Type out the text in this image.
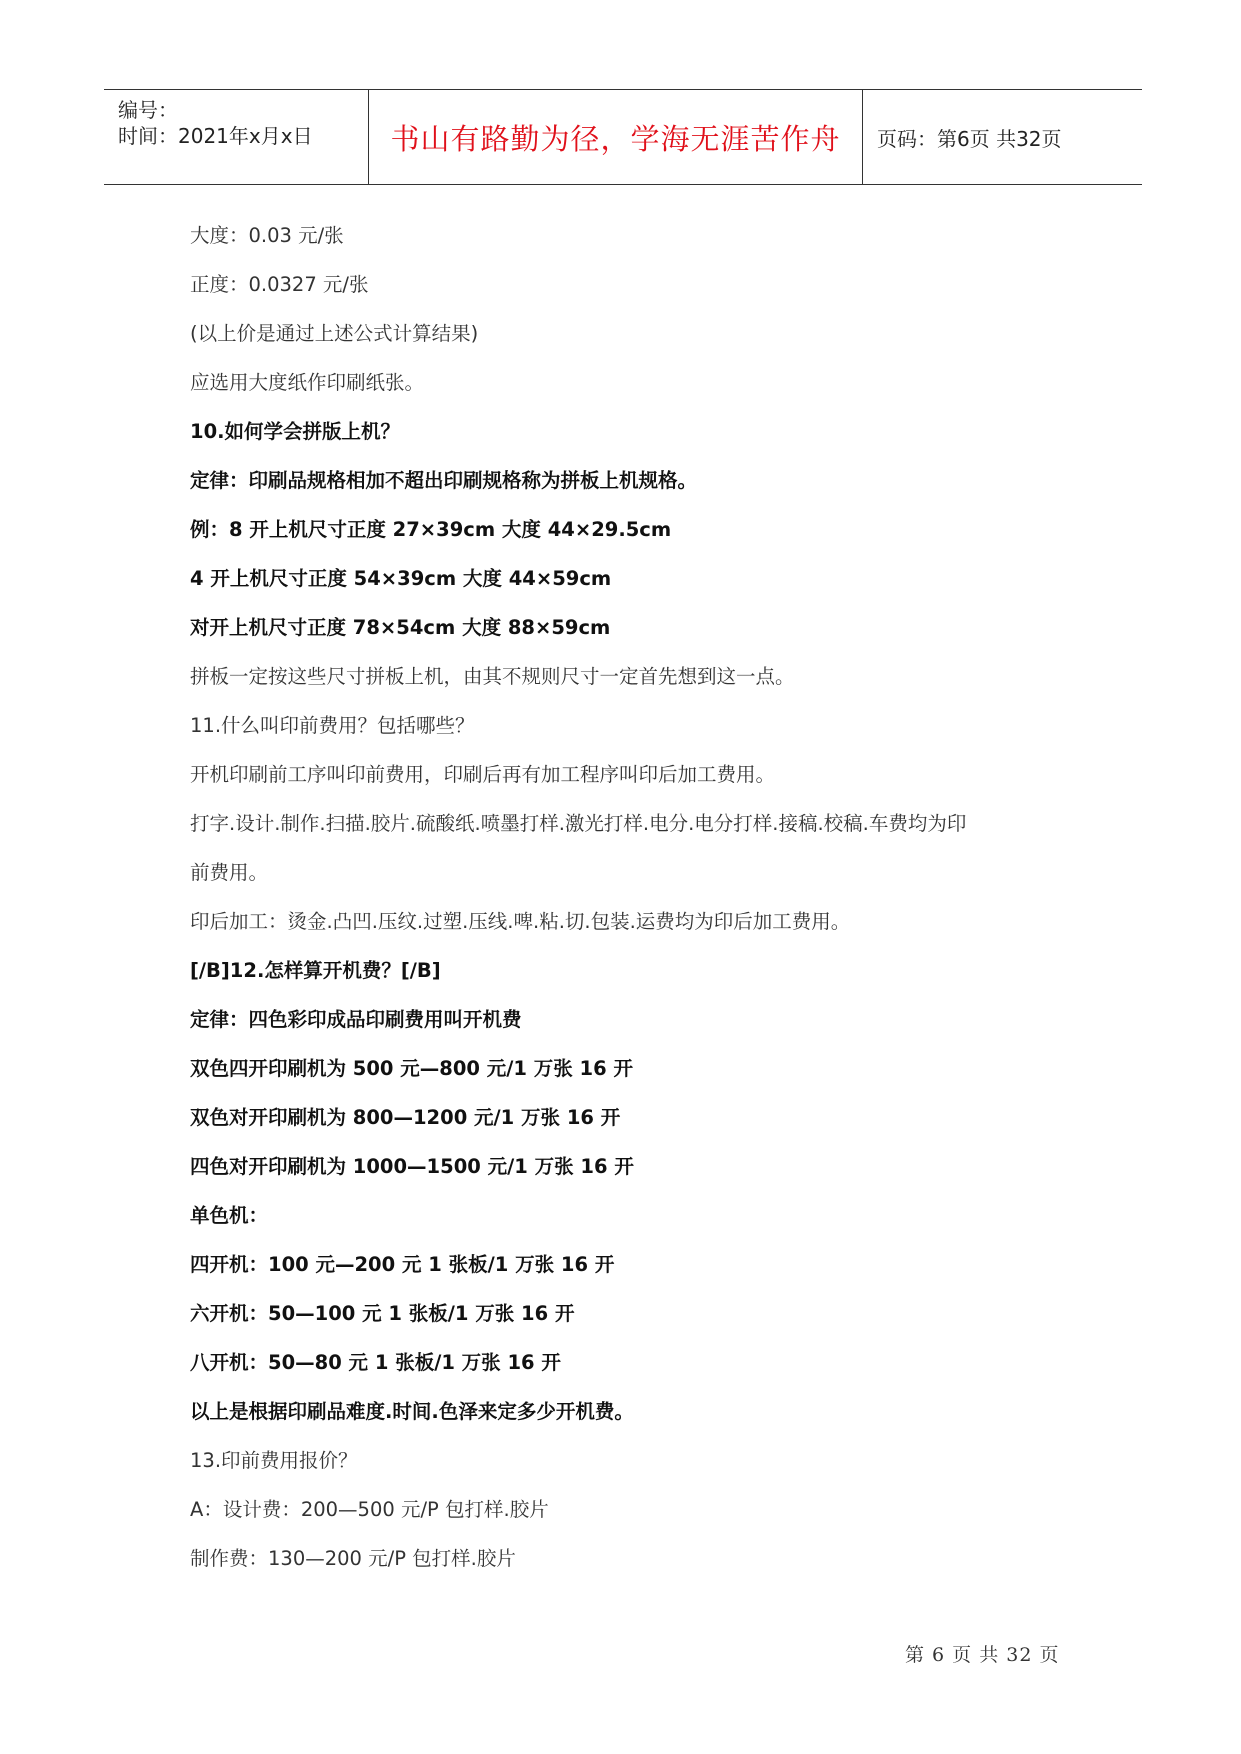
编号：
时间：2021年x月x日	书山有路勤为径，学海无涯苦作舟 页码：第6页 共32页
大度：0.03 元/张
正度：0.0327 元/张
(以上价是通过上述公式计算结果)
应选用大度纸作印刷纸张。
10.如何学会拼版上机？
定律：印刷品规格相加不超出印刷规格称为拼板上机规格。
例：8 开上机尺寸正度 27×39cm 大度 44×29.5cm
4 开上机尺寸正度 54×39cm 大度 44×59cm
对开上机尺寸正度 78×54cm 大度 88×59cm
拼板一定按这些尺寸拼板上机，由其不规则尺寸一定首先想到这一点。
11.什么叫印前费用？包括哪些？
开机印刷前工序叫印前费用，印刷后再有加工程序叫印后加工费用。
打字.设计.制作.扫描.胶片.硫酸纸.喷墨打样.激光打样.电分.电分打样.接稿.校稿.车费均为印
前费用。
印后加工：烫金.凸凹.压纹.过塑.压线.啤.粘.切.包装.运费均为印后加工费用。
[/B]12.怎样算开机费？[/B]
定律：四色彩印成品印刷费用叫开机费
双色四开印刷机为 500 元—800 元/1 万张 16 开
双色对开印刷机为 800—1200 元/1 万张 16 开
四色对开印刷机为 1000—1500 元/1 万张 16 开
单色机：
四开机：100 元—200 元 1 张板/1 万张 16 开
六开机：50—100 元 1 张板/1 万张 16 开
八开机：50—80 元 1 张板/1 万张 16 开
以上是根据印刷品难度.时间.色泽来定多少开机费。
13.印前费用报价？
A：设计费：200—500 元/P 包打样.胶片
制作费：130—200 元/P 包打样.胶片
第 6 页 共 32 页
